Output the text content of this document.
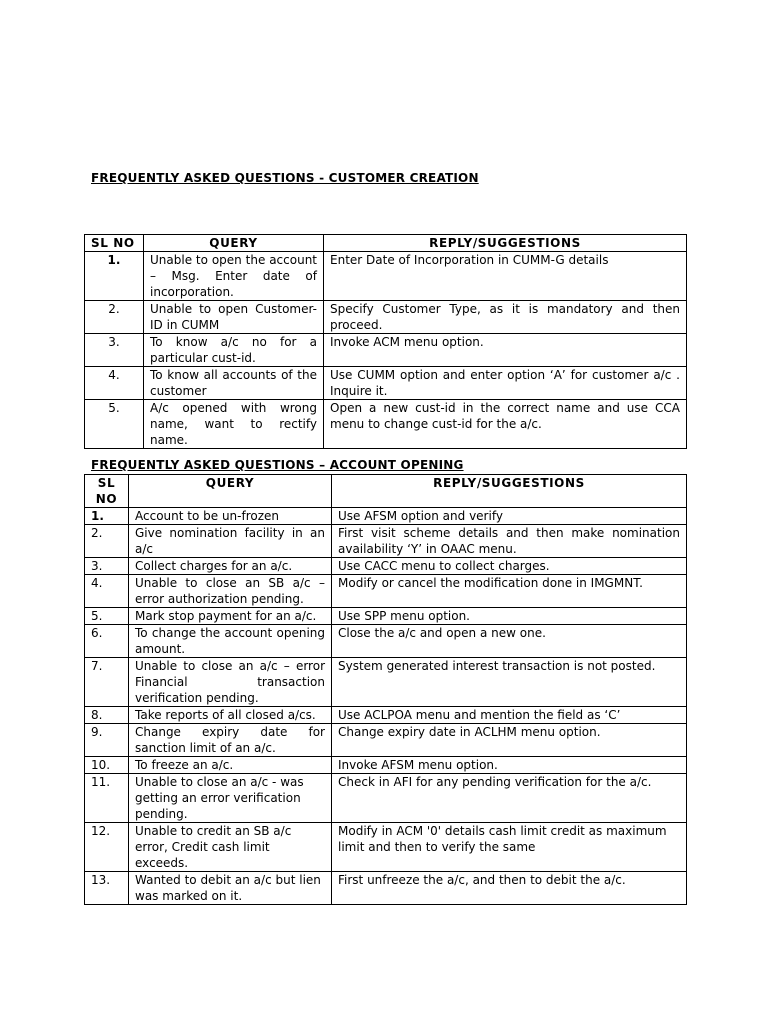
FREQUENTLY ASKED QUESTIONS - CUSTOMER CREATION
SL NO	QUERY	REPLY/SUGGESTIONS
1.	Unable to open the account – Msg. Enter date of incorporation.	Enter Date of Incorporation in CUMM-G details
2.	Unable to open Customer-ID in CUMM	Specify Customer Type, as it is mandatory and then proceed.
3.	To know a/c no for a particular cust-id.	Invoke ACM menu option.
4.	To know all accounts of the customer	Use CUMM option and enter option ‘A’ for customer a/c . Inquire it.
5.	A/c opened with wrong name, want to rectify name.	Open a new cust-id in the correct name and use CCA menu to change cust-id for the a/c.
FREQUENTLY ASKED QUESTIONS – ACCOUNT OPENING
SL NO	QUERY	REPLY/SUGGESTIONS
1.	Account to be un-frozen	Use AFSM option and verify
2.	Give nomination facility in an a/c	First visit scheme details and then make nomination availability ‘Y’ in OAAC menu.
3.	Collect charges for an a/c.	Use CACC menu to collect charges.
4.	Unable to close an SB a/c – error authorization pending.	Modify or cancel the modification done in IMGMNT.
5.	Mark stop payment for an a/c.	Use SPP menu option.
6.	To change the account opening amount.	Close the a/c and open a new one.
7.	Unable to close an a/c – error Financial transaction verification pending.	System generated interest transaction is not posted.
8.	Take reports of all closed a/cs.	Use ACLPOA menu and mention the field as ‘C’
9.	Change expiry date for sanction limit of an a/c.	Change expiry date in ACLHM menu option.
10.	To freeze an a/c.	Invoke AFSM menu option.
11.	Unable to close an a/c - was getting an error verification pending.	Check in AFI for any pending verification for the a/c.
12.	Unable to credit an SB a/c error, Credit cash limit exceeds.	Modify in ACM '0' details cash limit credit as maximum limit and then to verify the same
13.	Wanted to debit an a/c but lien was marked on it.	First unfreeze the a/c, and then to debit the a/c.
